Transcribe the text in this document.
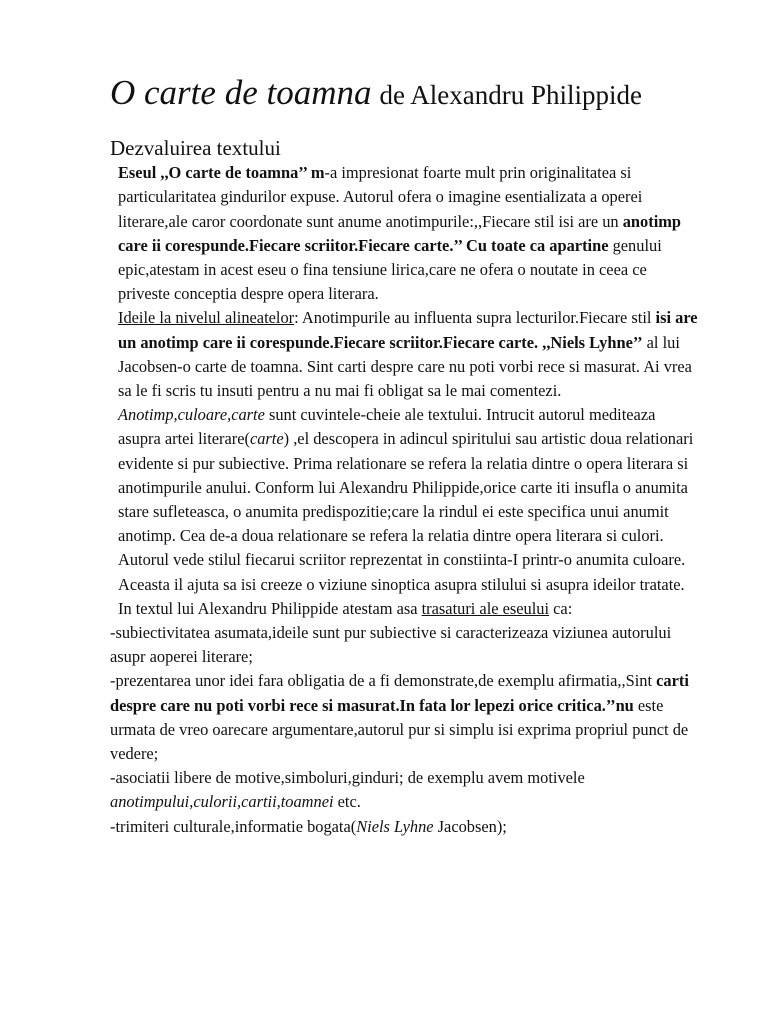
O carte de toamna de Alexandru Philippide
Dezvaluirea textului

Eseul ,,O carte de toamna’’ m-a impresionat foarte mult prin originalitatea si particularitatea gindurilor expuse. Autorul ofera o imagine esentializata a operei literare,ale caror coordonate sunt anume anotimpurile:,,Fiecare stil isi are un anotimp care ii corespunde.Fiecare scriitor.Fiecare carte.’’ Cu toate ca apartine genului epic,atestam in acest eseu o fina tensiune lirica,care ne ofera o noutate in ceea ce priveste conceptia despre opera literara.

Ideile la nivelul alineatelor: Anotimpurile au influenta supra lecturilor.Fiecare stil isi are un anotimp care ii corespunde.Fiecare scriitor.Fiecare carte. ,,Niels Lyhne’’ al lui Jacobsen-o carte de toamna. Sint carti despre care nu poti vorbi rece si masurat. Ai vrea sa le fi scris tu insuti pentru a nu mai fi obligat sa le mai comentezi.

Anotimp,culoare,carte sunt cuvintele-cheie ale textului. Intrucit autorul mediteaza asupra artei literare(carte) ,el descopera in adincul spiritului sau artistic doua relationari evidente si pur subiective. Prima relationare se refera la relatia dintre o opera literara si anotimpurile anului. Conform lui Alexandru Philippide,orice carte iti insufla o anumita stare sufleteasca, o anumita predispozitie;care la rindul ei este specifica unui anumit anotimp. Cea de-a doua relationare se refera la relatia dintre opera literara si culori. Autorul vede stilul fiecarui scriitor reprezentat in constiinta-I printr-o anumita culoare. Aceasta il ajuta sa isi creeze o viziune sinoptica asupra stilului si asupra ideilor tratate.

In textul lui Alexandru Philippide atestam asa trasaturi ale eseului ca:

-subiectivitatea asumata,ideile sunt pur subiective si caracterizeaza viziunea autorului asupr aoperei literare;

-prezentarea unor idei fara obligatia de a fi demonstrate,de exemplu afirmatia,,Sint carti despre care nu poti vorbi rece si masurat.In fata lor lepezi orice critica.’’nu este urmata de vreo oarecare argumentare,autorul pur si simplu isi exprima propriul punct de vedere;

-asociatii libere de motive,simboluri,ginduri; de exemplu avem motivele anotimpului,culorii,cartii,toamnei etc.

-trimiteri culturale,informatie bogata(Niels Lyhne Jacobsen);
